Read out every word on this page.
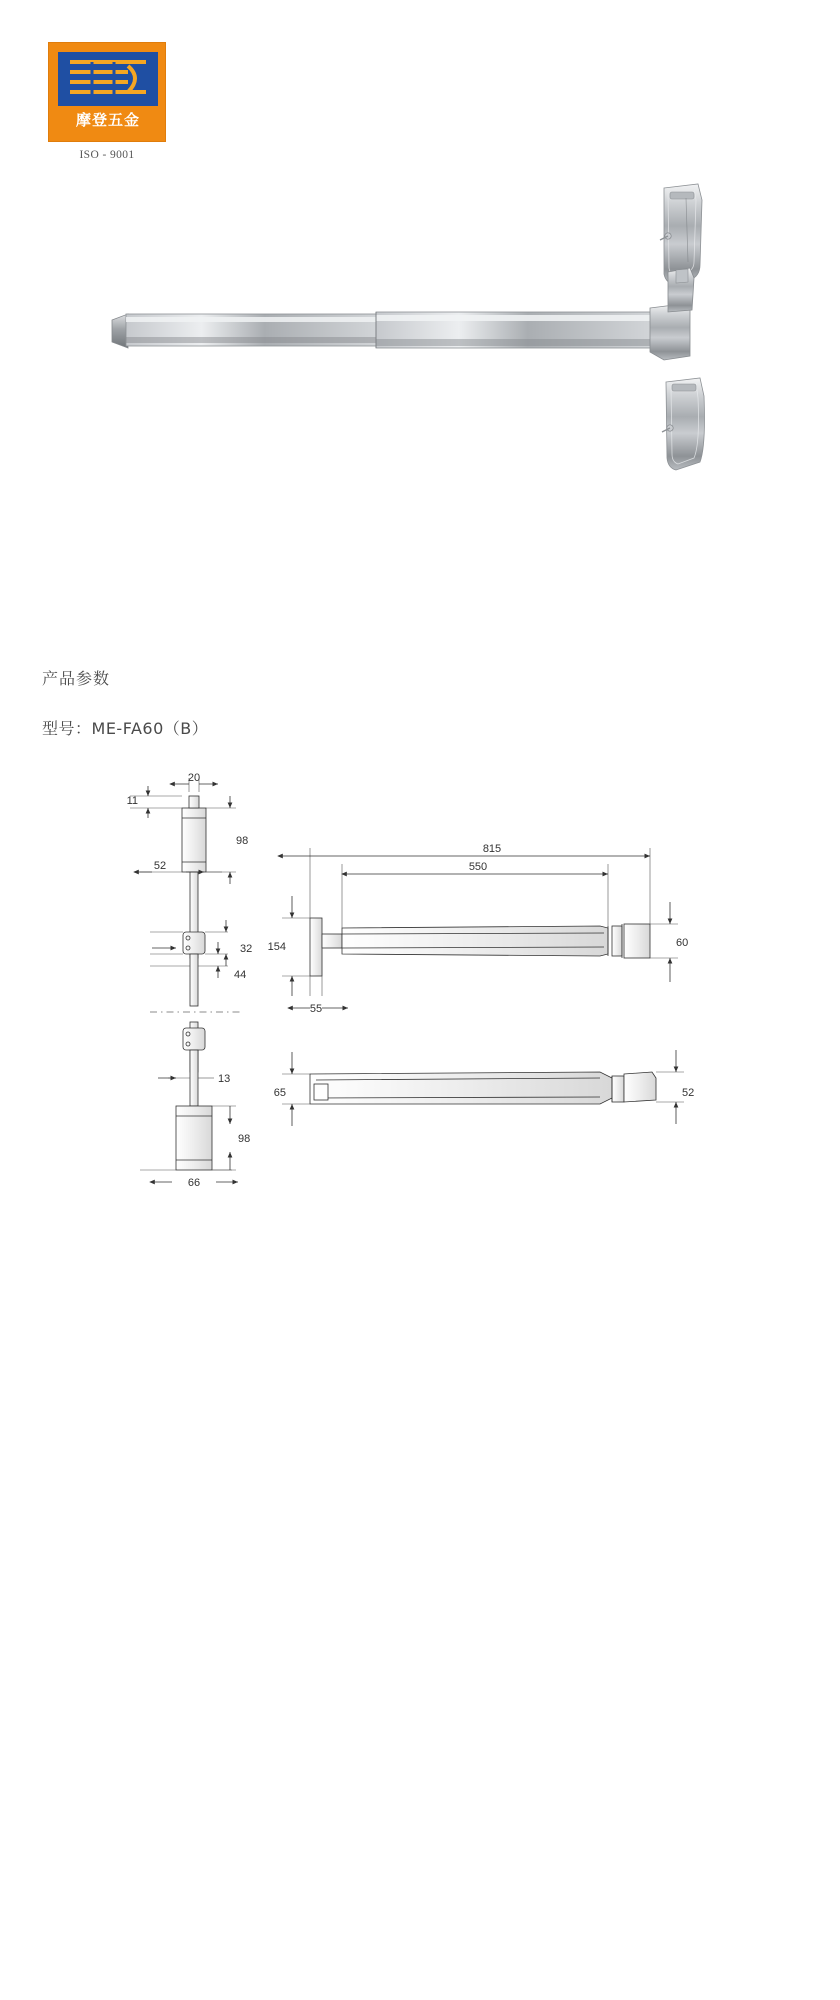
摩登五金
ISO - 9001
产品参数
型号：ME-FA60（B）
20
11
98
52
32
44
13
98
66
815
550
154	60
55
65	52
